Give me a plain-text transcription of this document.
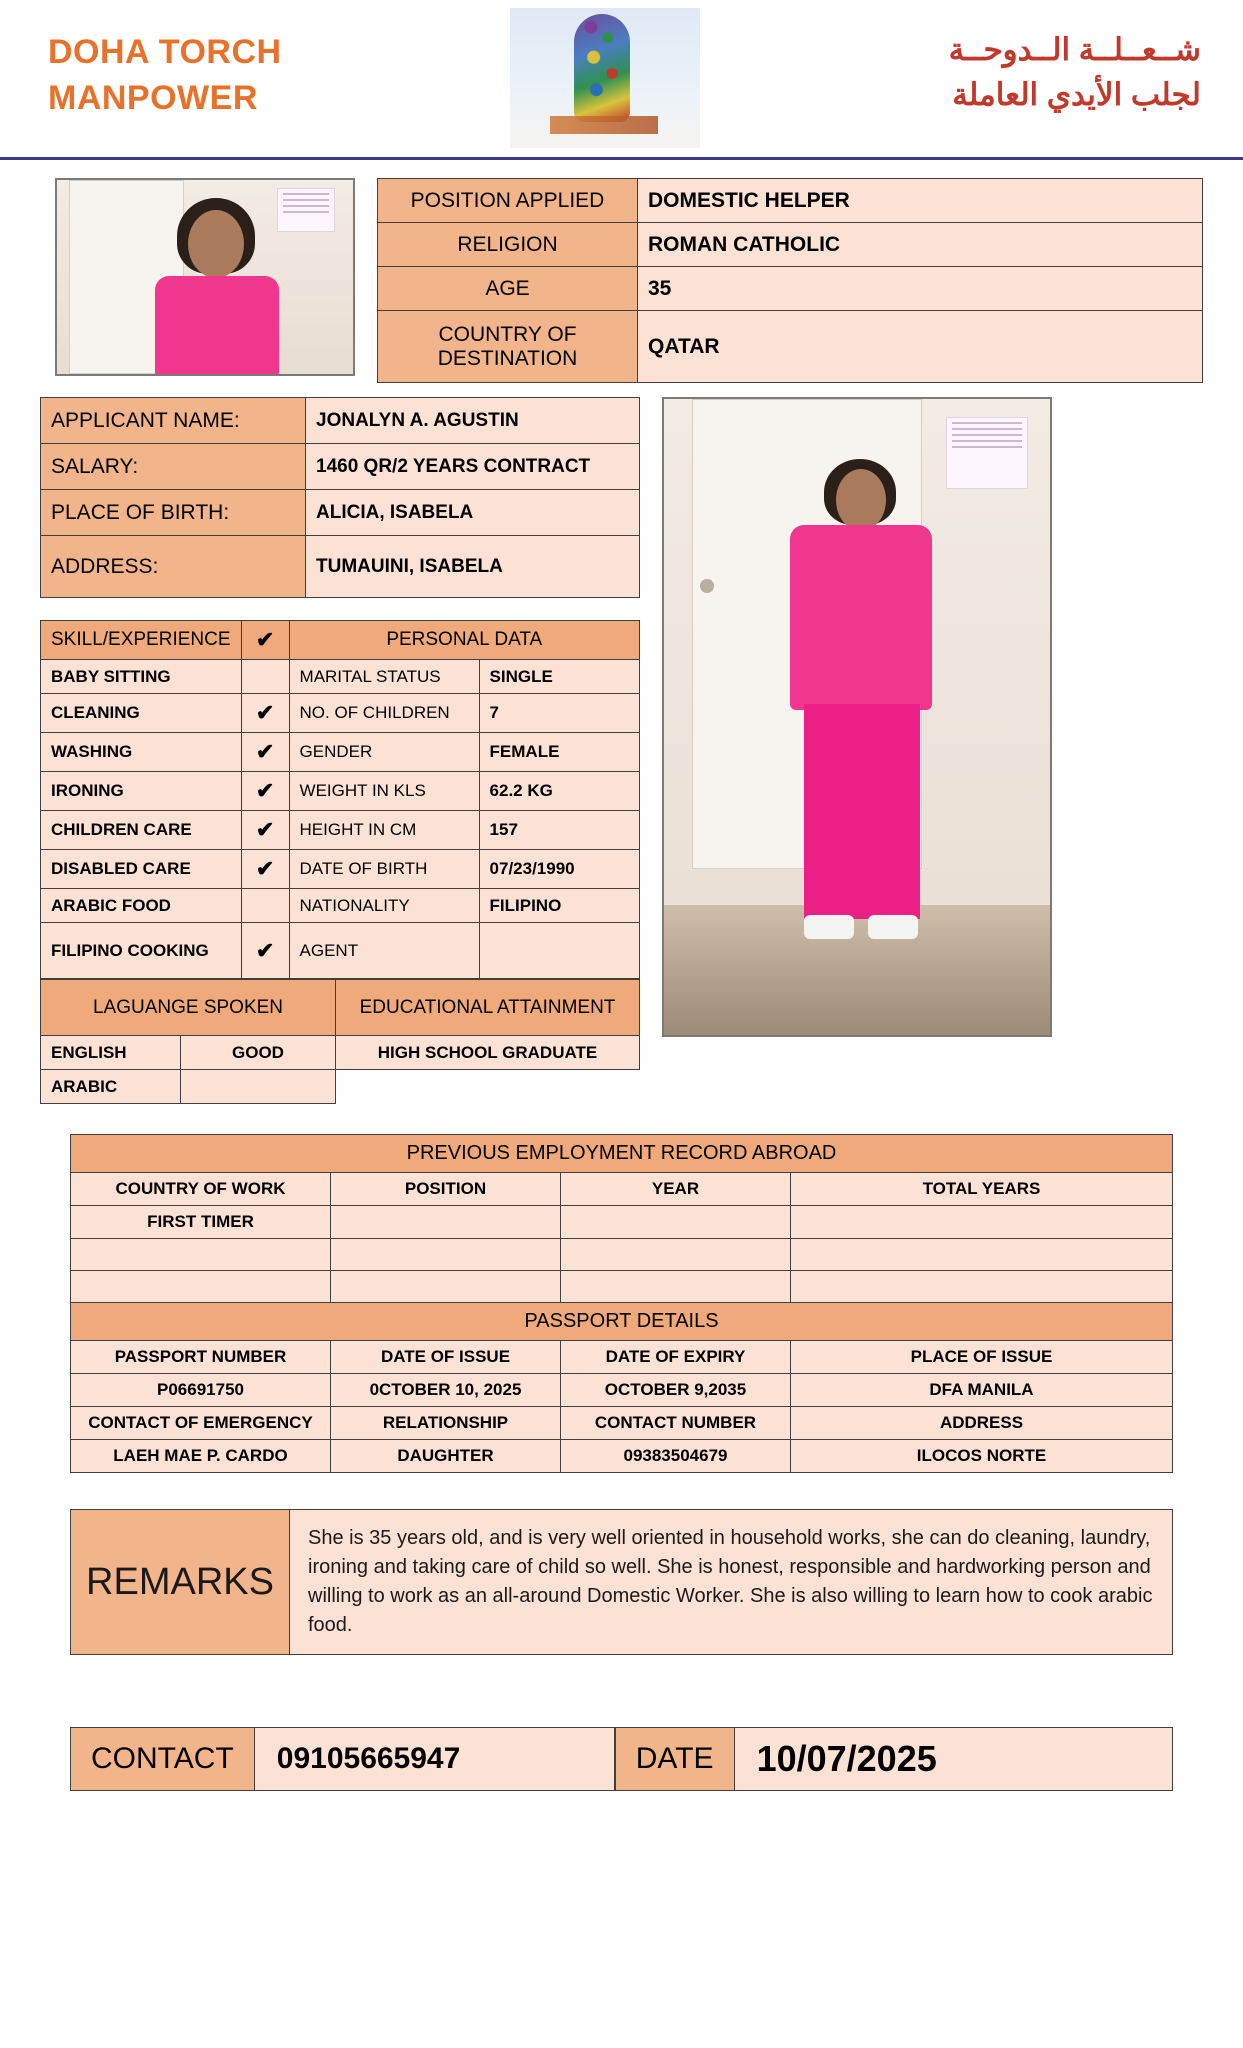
DOHA TORCH
MANPOWER
شــعــلــة الــدوحــة
لجلب الأيدي العاملة
POSITION APPLIED	DOMESTIC HELPER
RELIGION	ROMAN CATHOLIC
AGE	35
COUNTRY OF DESTINATION	QATAR
APPLICANT NAME:	JONALYN A. AGUSTIN
SALARY:	1460 QR/2 YEARS CONTRACT
PLACE OF BIRTH:	ALICIA, ISABELA
ADDRESS:	TUMAUINI, ISABELA
SKILL/EXPERIENCE	✔	PERSONAL DATA	
BABY SITTING		MARITAL STATUS	SINGLE
CLEANING	✔	NO. OF CHILDREN	7
WASHING	✔	GENDER	FEMALE
IRONING	✔	WEIGHT IN KLS	62.2 KG
CHILDREN CARE	✔	HEIGHT IN CM	157
DISABLED CARE	✔	DATE OF BIRTH	07/23/1990
ARABIC FOOD		NATIONALITY	FILIPINO
FILIPINO COOKING	✔	AGENT	
LAGUANGE SPOKEN		EDUCATIONAL ATTAINMENT
ENGLISH	GOOD	HIGH SCHOOL GRADUATE
ARABIC		
PREVIOUS EMPLOYMENT RECORD ABROAD			
COUNTRY OF WORK	POSITION	YEAR	TOTAL YEARS
FIRST TIMER			

PASSPORT DETAILS			
PASSPORT NUMBER	DATE OF ISSUE	DATE OF EXPIRY	PLACE OF ISSUE
P06691750	0CTOBER 10, 2025	OCTOBER 9,2035	DFA MANILA
CONTACT OF EMERGENCY	RELATIONSHIP	CONTACT NUMBER	ADDRESS
LAEH MAE P. CARDO	DAUGHTER	09383504679	ILOCOS NORTE
REMARKS
She is 35 years old, and is very well oriented in household works, she can do cleaning, laundry, ironing and taking care of child so well. She is honest, responsible and hardworking person and willing to work as an all-around Domestic Worker. She is also willing to learn how to cook arabic food.
CONTACT	09105665947	DATE	10/07/2025
